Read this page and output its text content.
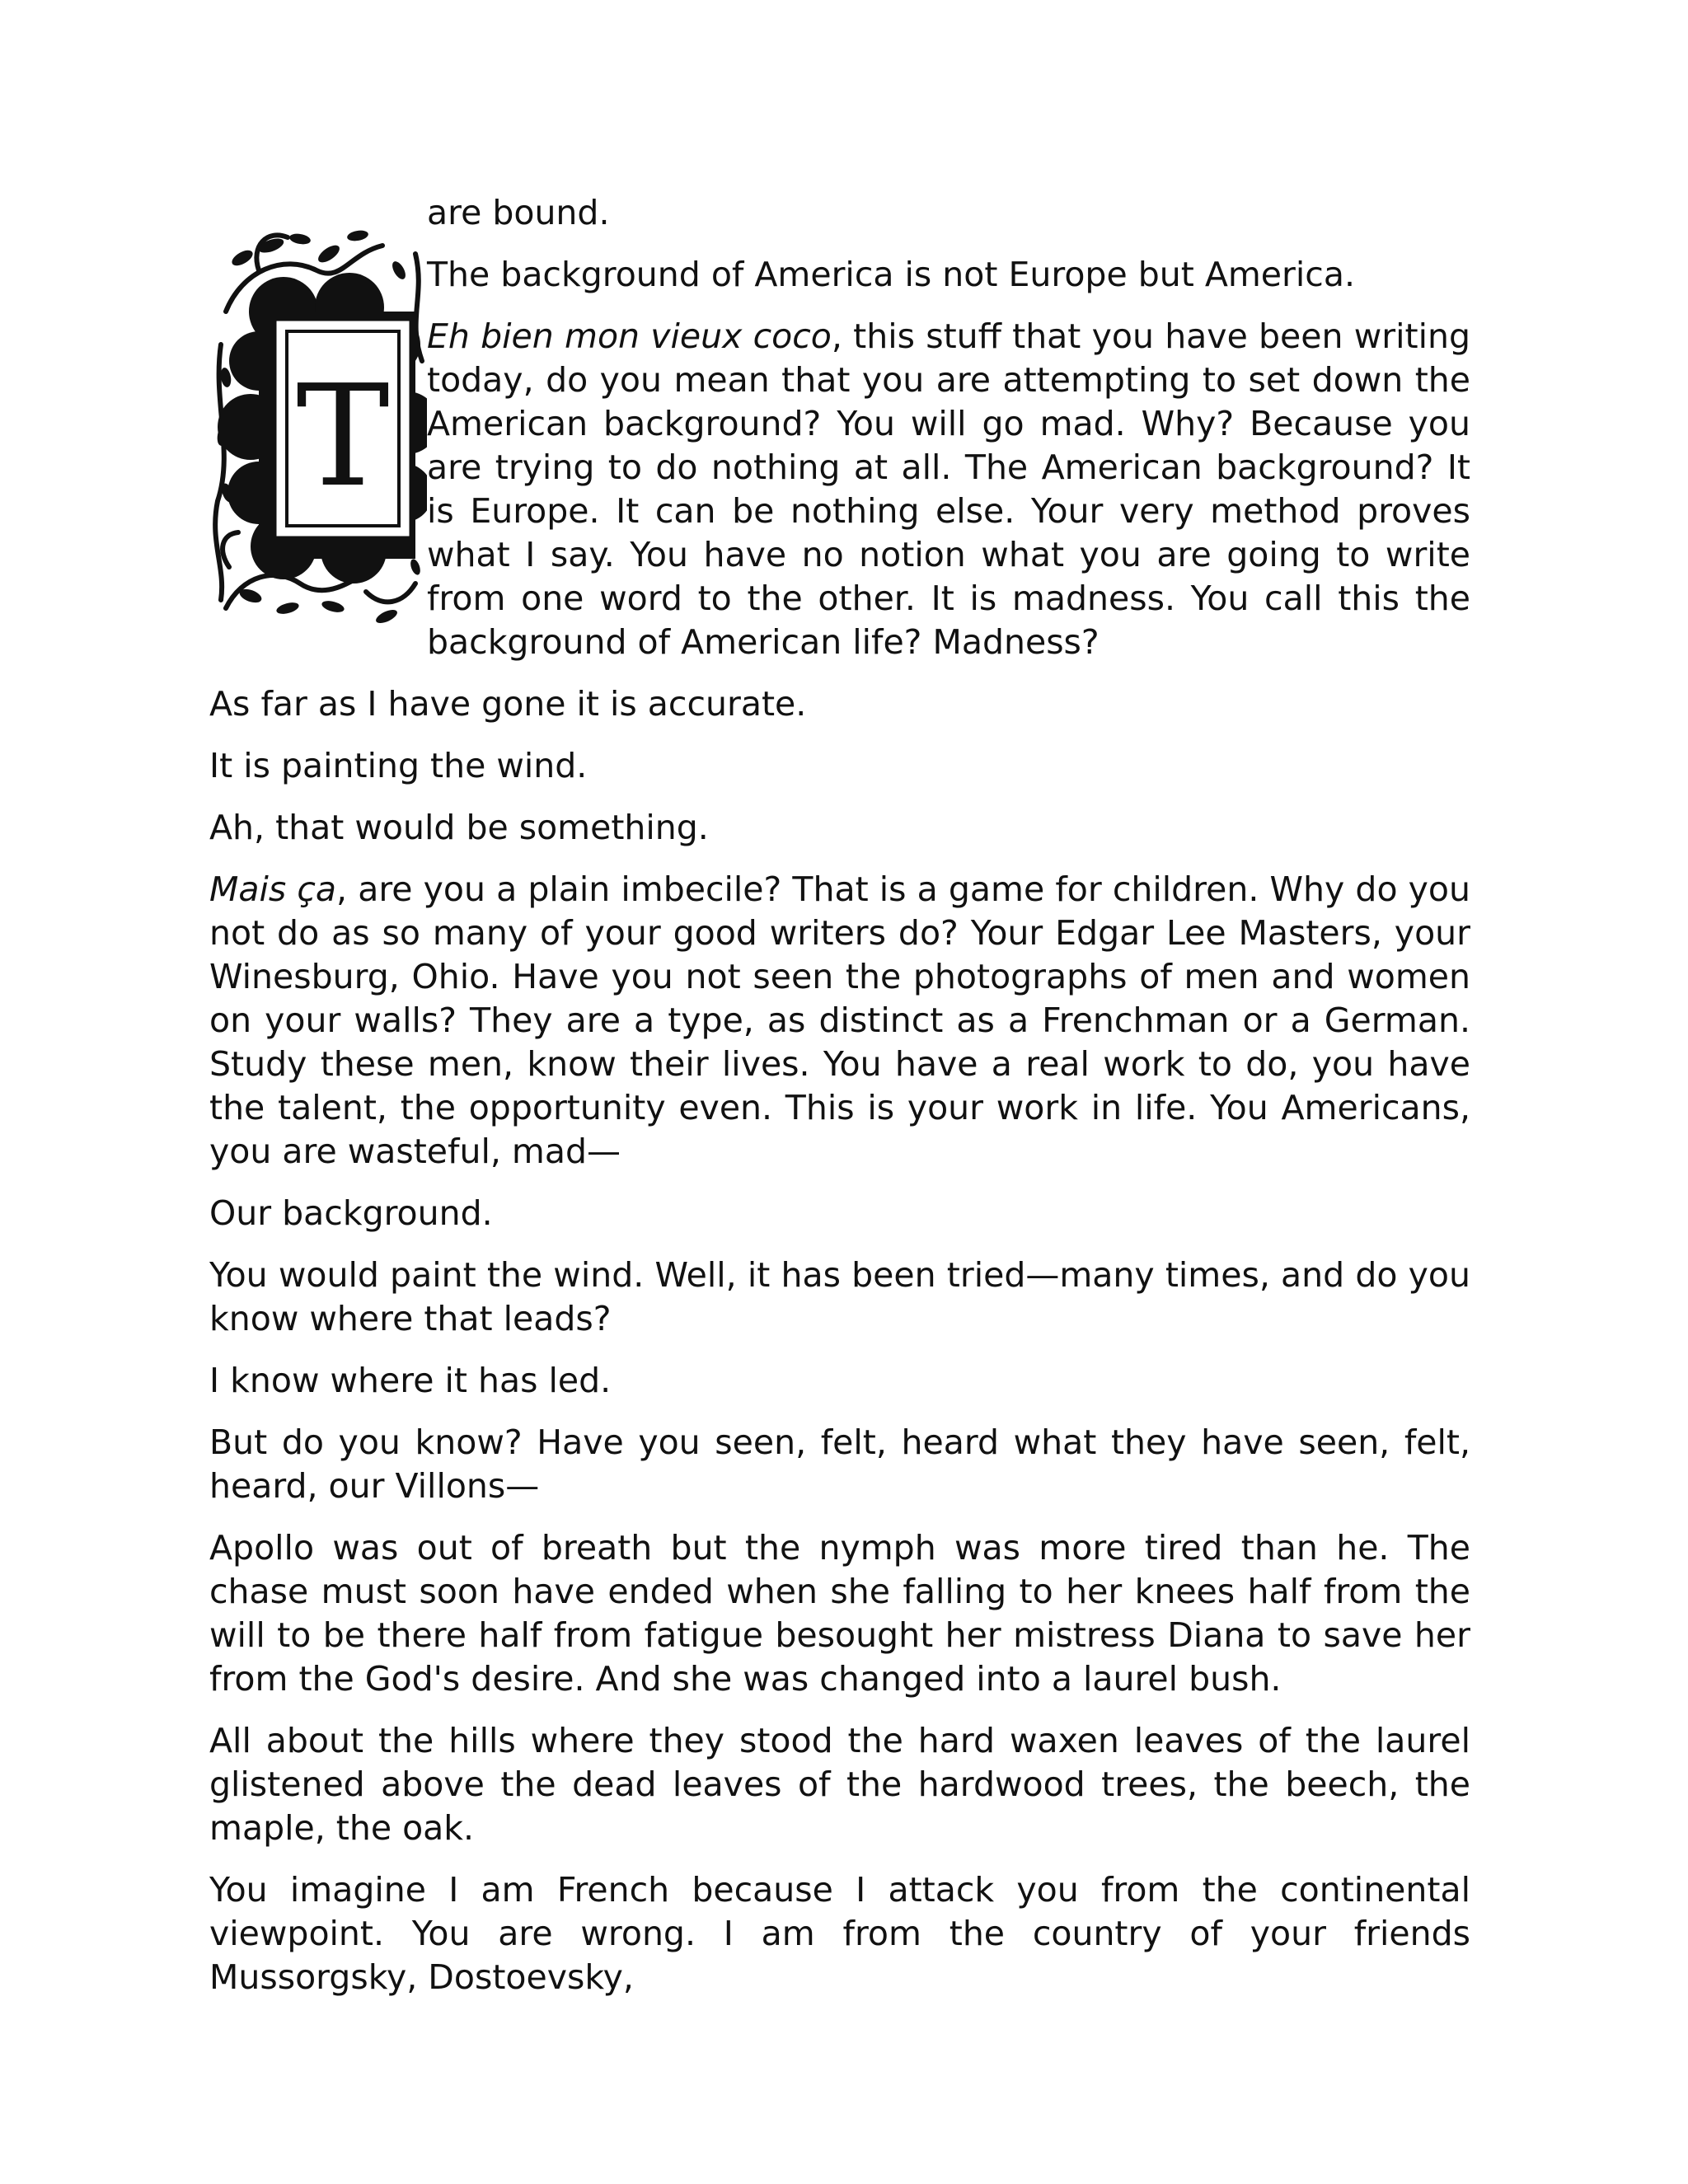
are bound.

The background of America is not Europe but America.

Eh bien mon vieux coco, this stuff that you have been writing today, do you mean that you are attempting to set down the American background? You will go mad. Why? Because you are trying to do nothing at all. The American background? It is Europe. It can be nothing else. Your very method proves what I say. You have no notion what you are going to write from one word to the other. It is madness. You call this the background of American life? Madness?

As far as I have gone it is accurate.

It is painting the wind.

Ah, that would be something.

Mais ça, are you a plain imbecile? That is a game for children. Why do you not do as so many of your good writers do? Your Edgar Lee Masters, your Winesburg, Ohio. Have you not seen the photographs of men and women on your walls? They are a type, as distinct as a Frenchman or a German. Study these men, know their lives. You have a real work to do, you have the talent, the opportunity even. This is your work in life. You Americans, you are wasteful, mad—

Our background.

You would paint the wind. Well, it has been tried—many times, and do you know where that leads?

I know where it has led.

But do you know? Have you seen, felt, heard what they have seen, felt, heard, our Villons—

Apollo was out of breath but the nymph was more tired than he. The chase must soon have ended when she falling to her knees half from the will to be there half from fatigue besought her mistress Diana to save her from the God's desire. And she was changed into a laurel bush.

All about the hills where they stood the hard waxen leaves of the laurel glistened above the dead leaves of the hardwood trees, the beech, the maple, the oak.

You imagine I am French because I attack you from the continental viewpoint. You are wrong. I am from the country of your friends Mussorgsky, Dostoevsky,

T
